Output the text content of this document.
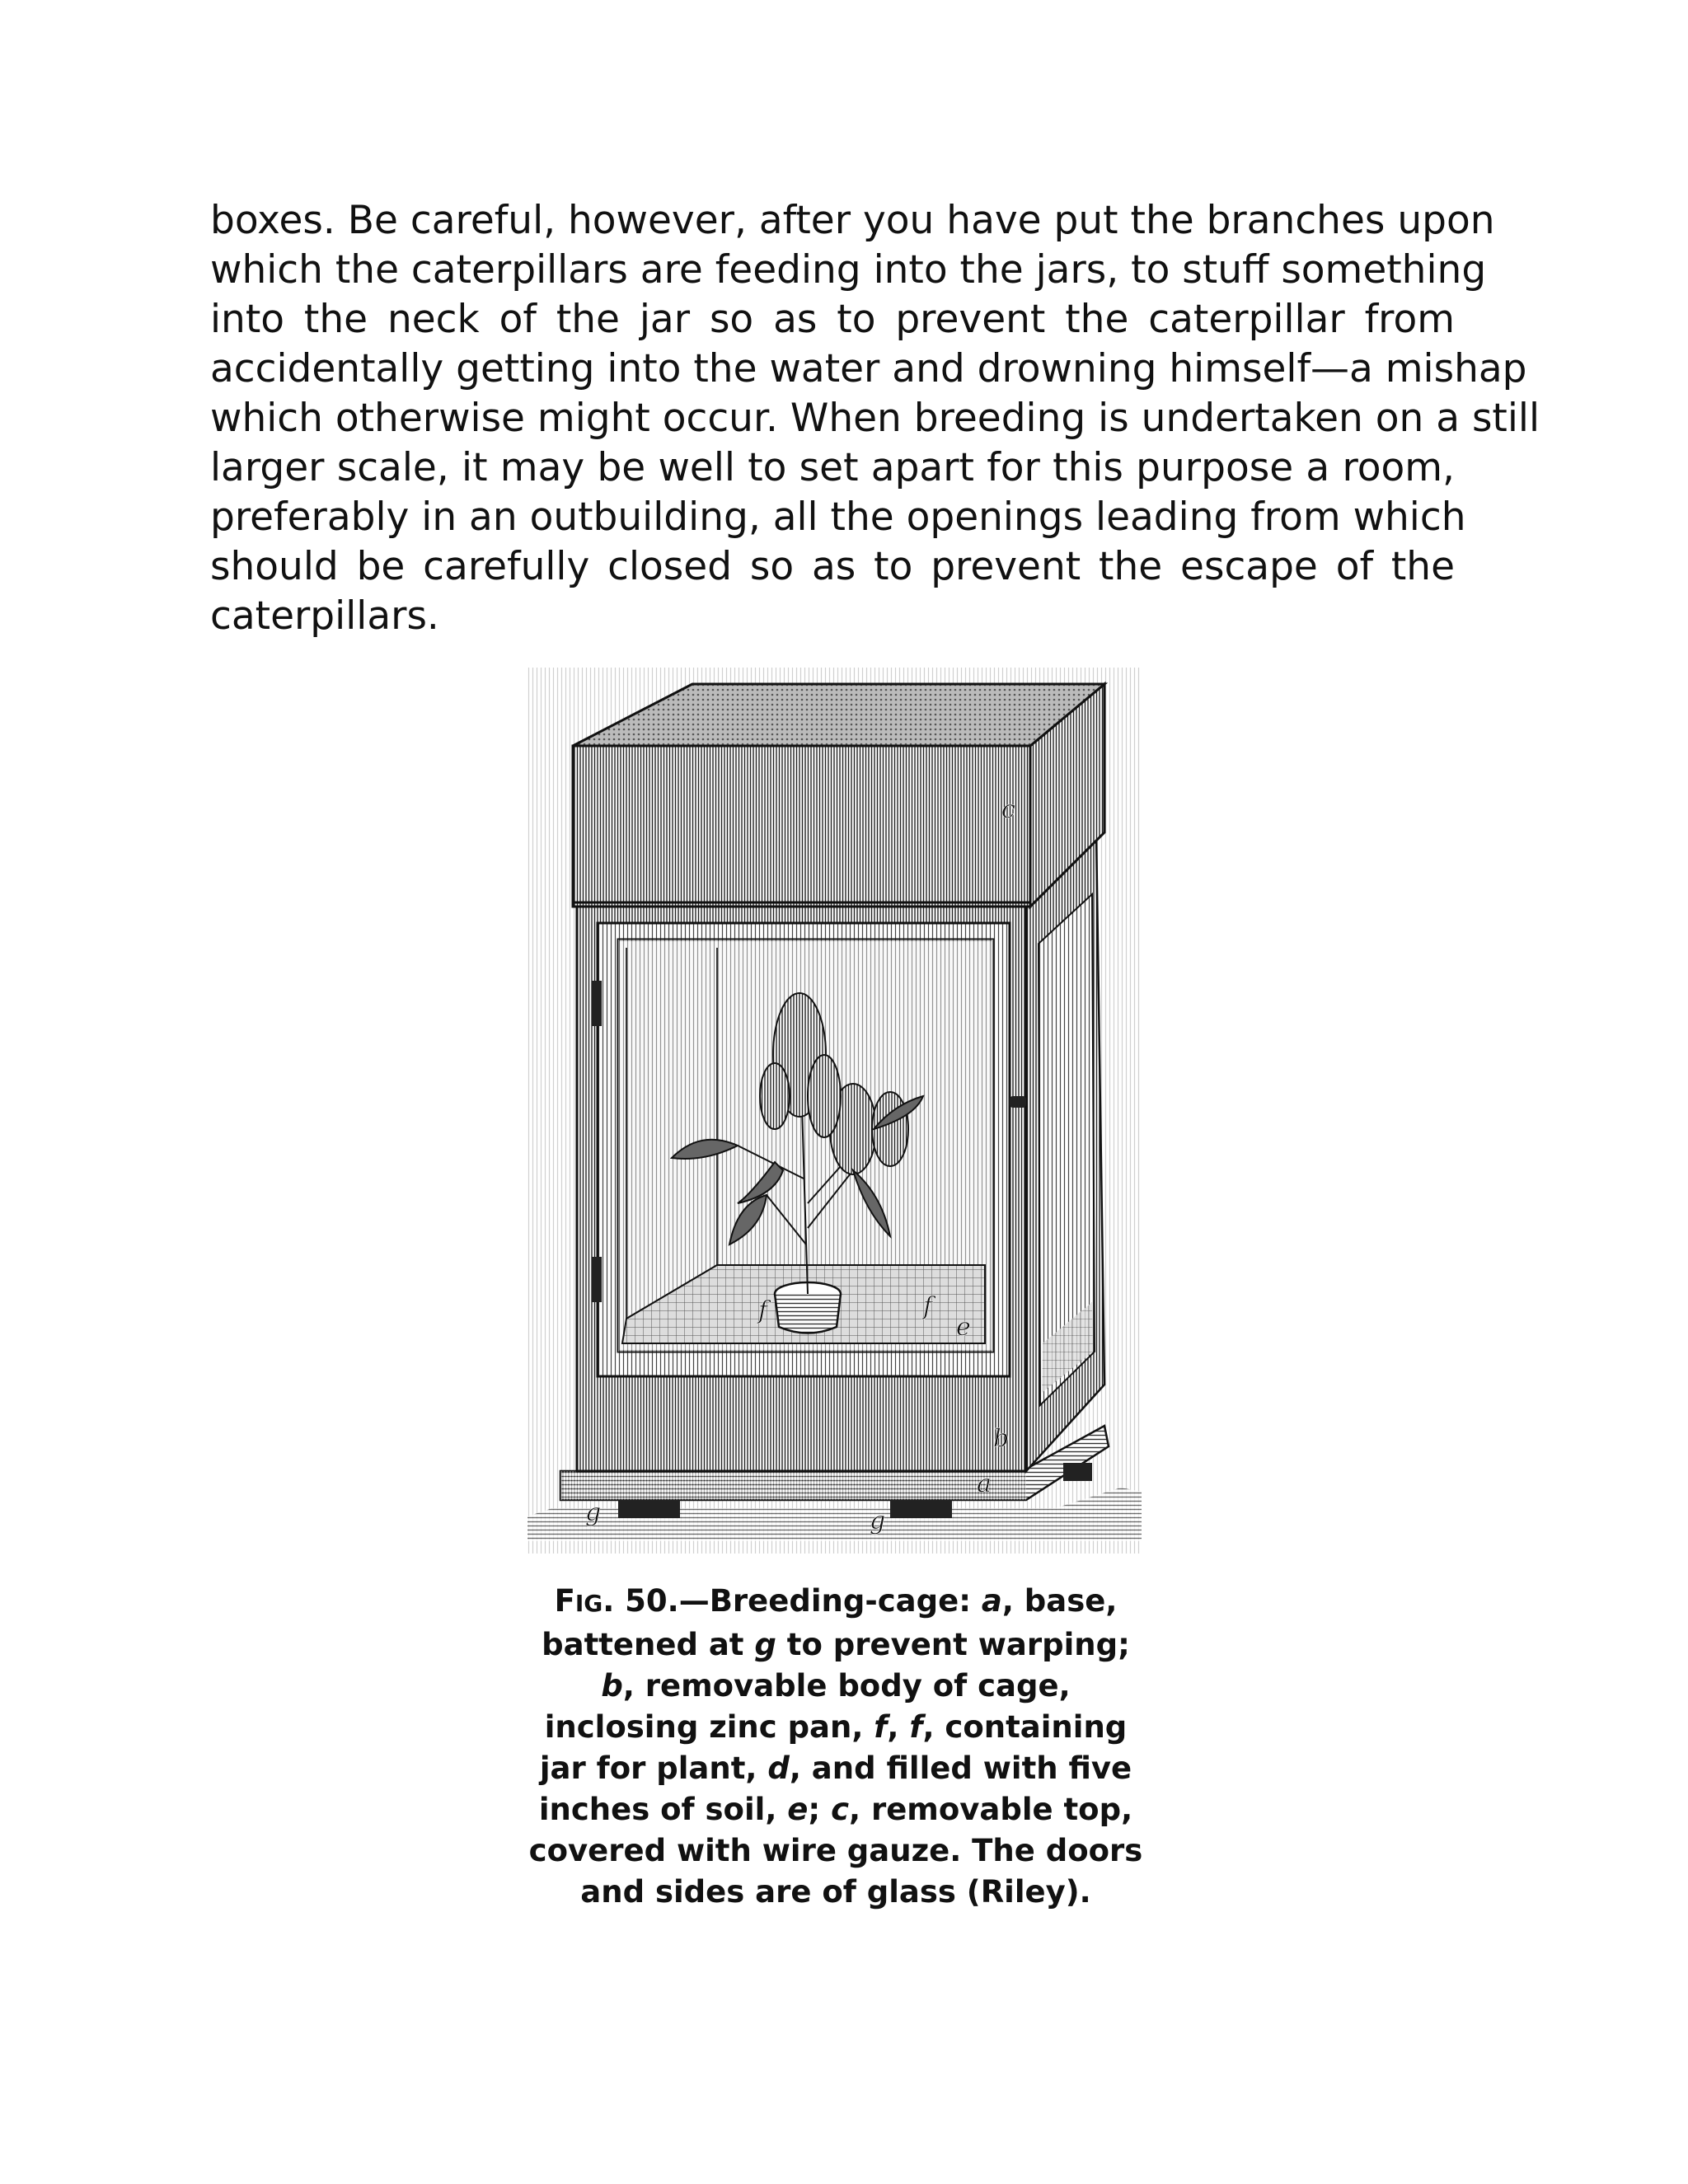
boxes. Be careful, however, after you have put the branches upon
which the caterpillars are feeding into the jars, to stuff something
into the neck of the jar so as to prevent the caterpillar from
accidentally getting into the water and drowning himself—a mishap
which otherwise might occur. When breeding is undertaken on a still
larger scale, it may be well to set apart for this purpose a room,
preferably in an outbuilding, all the openings leading from which
should be carefully closed so as to prevent the escape of the
caterpillars.
c
b
a
e
f	f
g	g
d
FIG. 50.—Breeding-cage: a, base,
battened at g to prevent warping;
b, removable body of cage,
inclosing zinc pan, f, f, containing
jar for plant, d, and filled with five
inches of soil, e; c, removable top,
covered with wire gauze. The doors
and sides are of glass (Riley).
